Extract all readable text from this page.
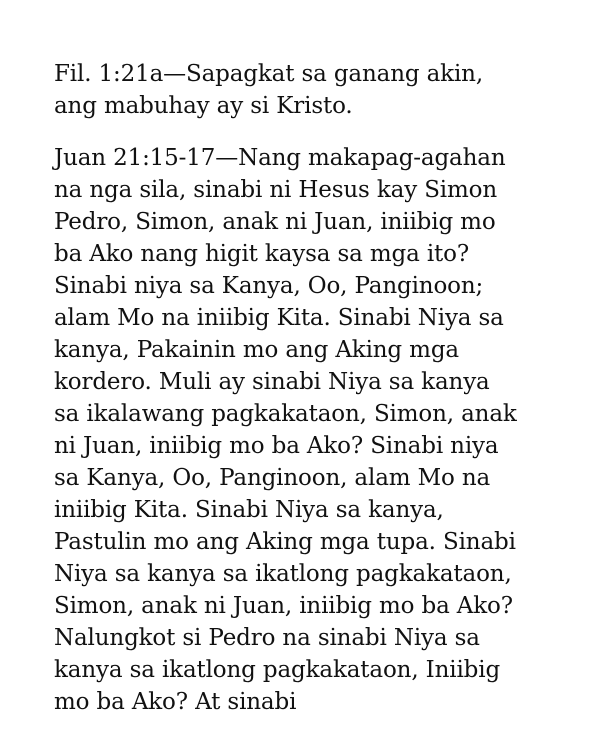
Fil. 1:21a—Sapagkat sa ganang akin,
ang mabuhay ay si Kristo.
Juan 21:15-17—Nang makapag-agahan
na nga sila, sinabi ni Hesus kay Simon
Pedro, Simon, anak ni Juan, iniibig mo
ba Ako nang higit kaysa sa mga ito?
Sinabi niya sa Kanya, Oo, Panginoon;
alam Mo na iniibig Kita. Sinabi Niya sa
kanya, Pakainin mo ang Aking mga
kordero. Muli ay sinabi Niya sa kanya
sa ikalawang pagkakataon, Simon, anak
ni Juan, iniibig mo ba Ako? Sinabi niya
sa Kanya, Oo, Panginoon, alam Mo na
iniibig Kita. Sinabi Niya sa kanya,
Pastulin mo ang Aking mga tupa. Sinabi
Niya sa kanya sa ikatlong pagkakataon,
Simon, anak ni Juan, iniibig mo ba Ako?
Nalungkot si Pedro na sinabi Niya sa
kanya sa ikatlong pagkakataon, Iniibig
mo ba Ako? At sinabi
